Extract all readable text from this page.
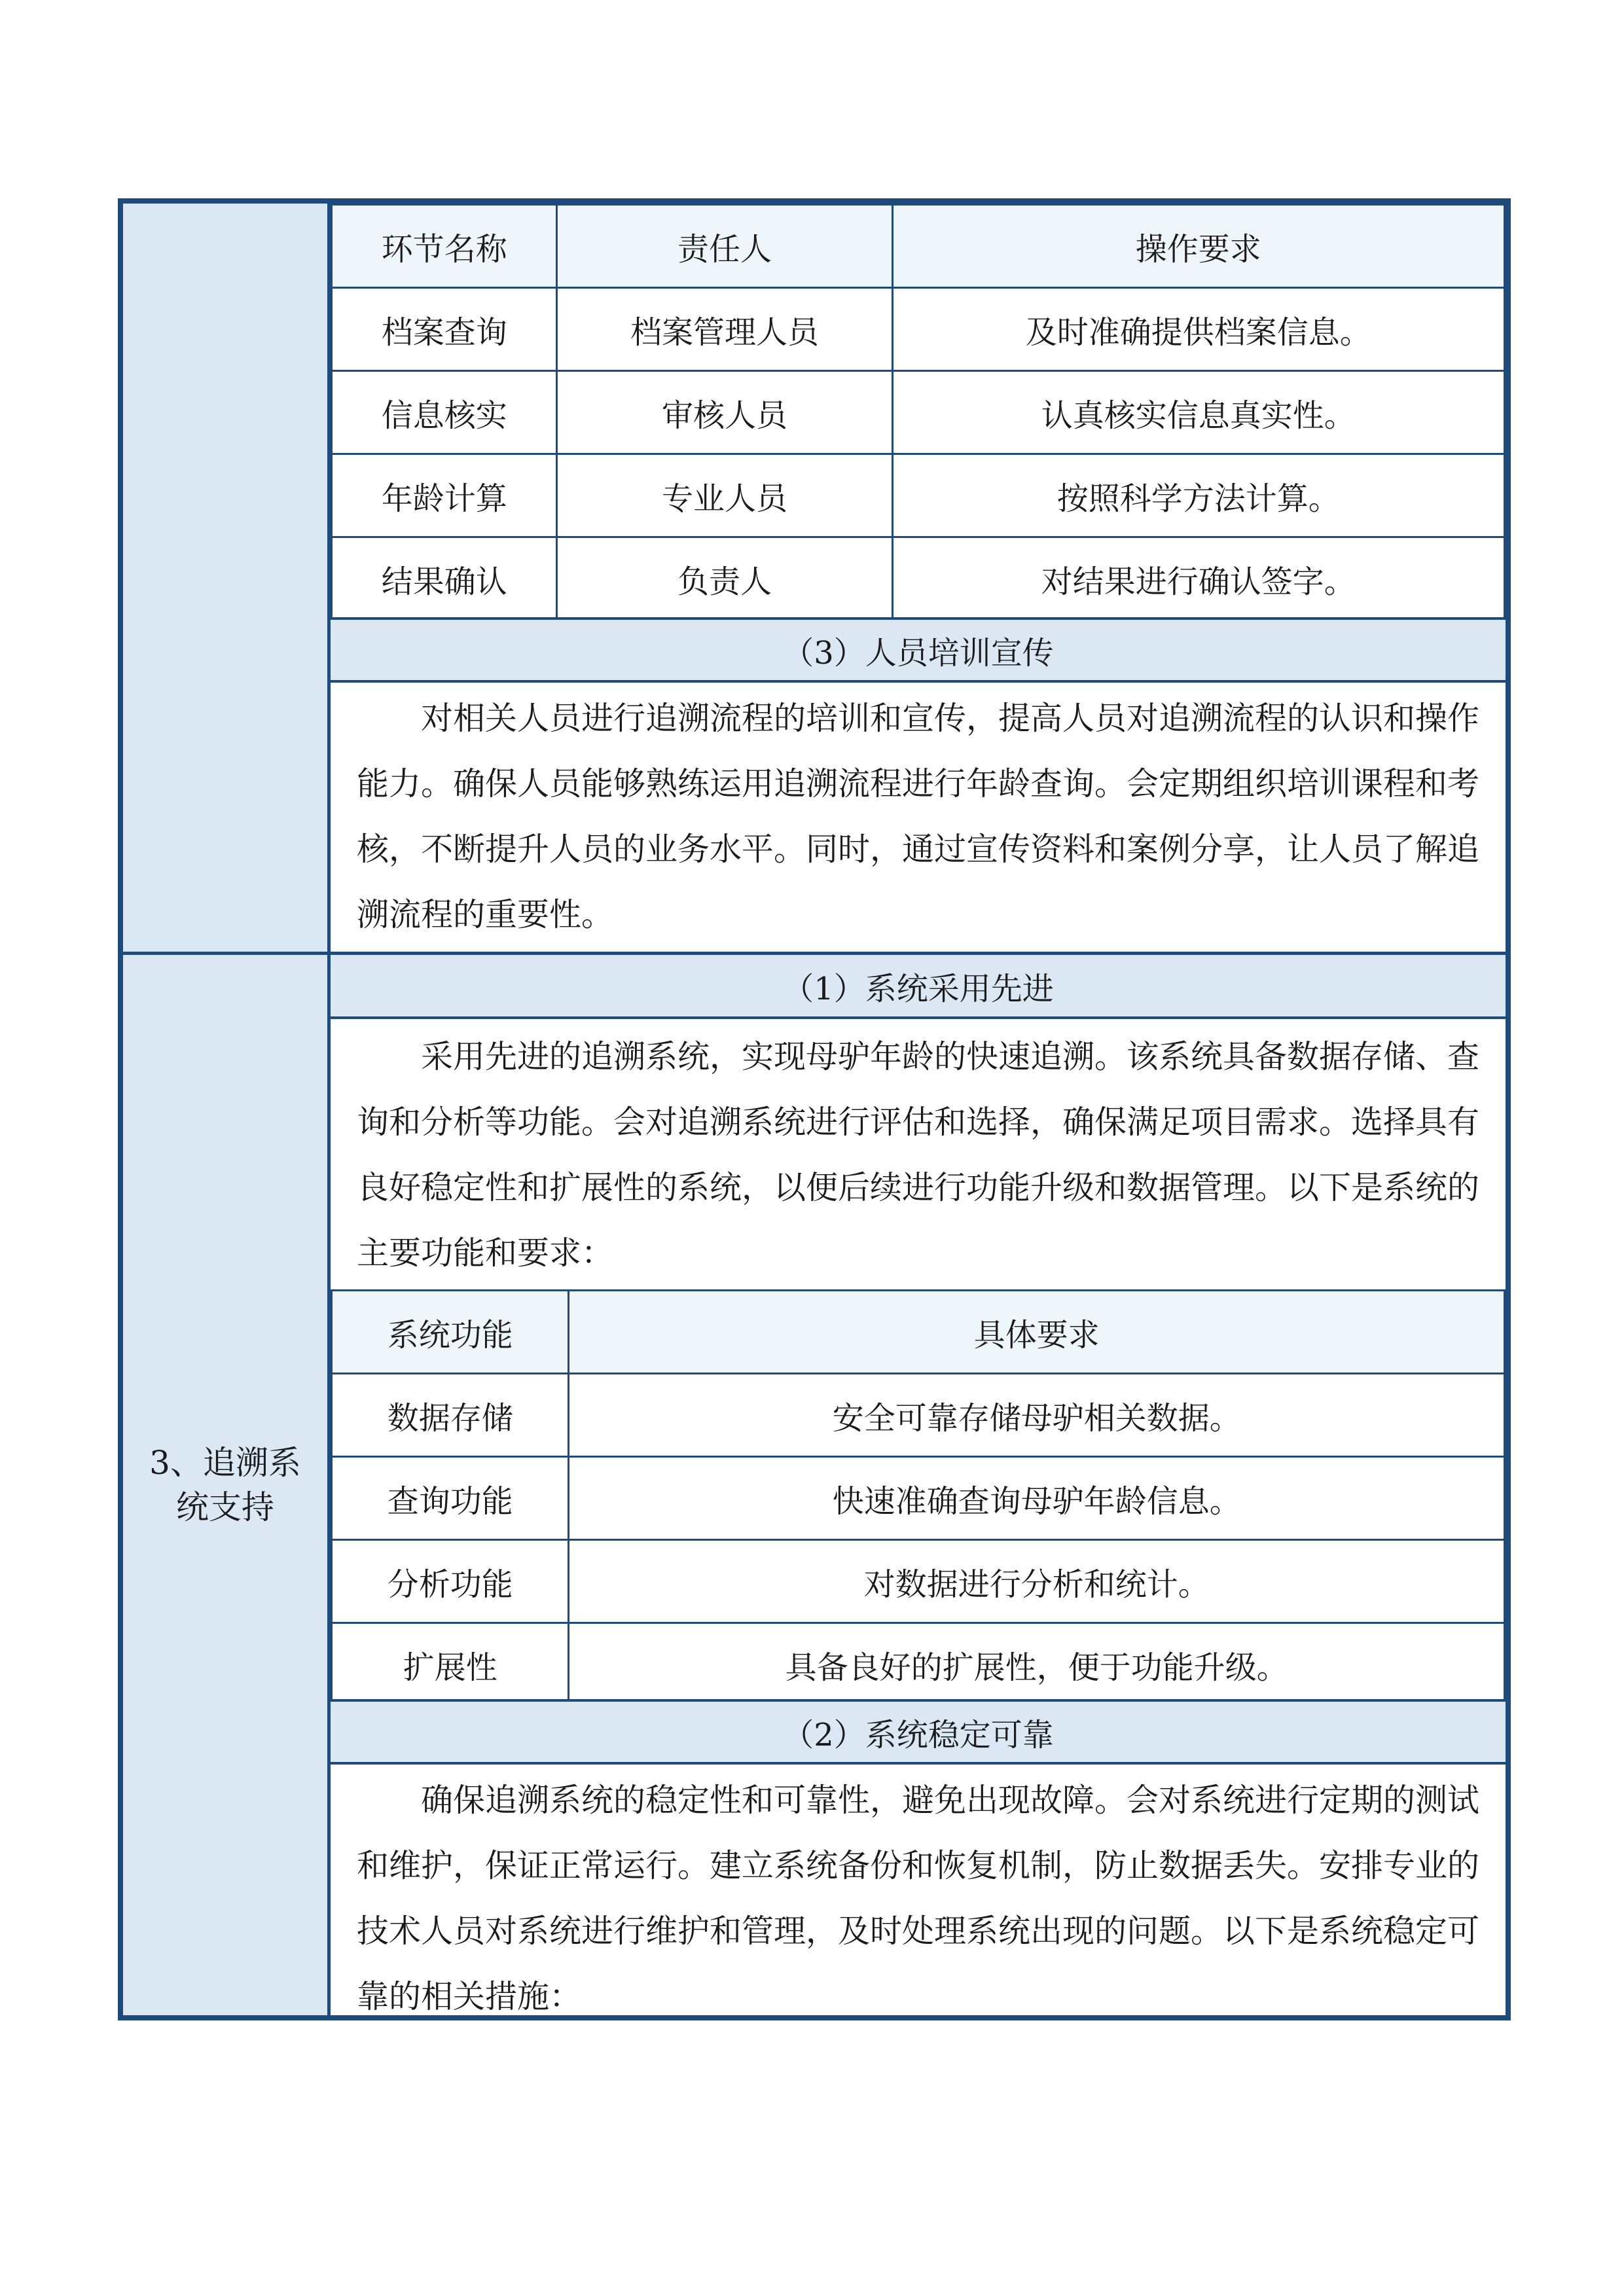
环节名称	责任人	操作要求
档案查询	档案管理人员	及时准确提供档案信息。
信息核实	审核人员	认真核实信息真实性。
年龄计算	专业人员	按照科学方法计算。
结果确认	负责人	对结果进行确认签字。
（3）人员培训宣传
对相关人员进行追溯流程的培训和宣传，提高人员对追溯流程的认识和操作能力。确保人员能够熟练运用追溯流程进行年龄查询。会定期组织培训课程和考核，不断提升人员的业务水平。同时，通过宣传资料和案例分享，让人员了解追溯流程的重要性。
3、追溯系
统支持
（1）系统采用先进
采用先进的追溯系统，实现母驴年龄的快速追溯。该系统具备数据存储、查询和分析等功能。会对追溯系统进行评估和选择，确保满足项目需求。选择具有良好稳定性和扩展性的系统，以便后续进行功能升级和数据管理。以下是系统的主要功能和要求：
系统功能	具体要求
数据存储	安全可靠存储母驴相关数据。
查询功能	快速准确查询母驴年龄信息。
分析功能	对数据进行分析和统计。
扩展性	具备良好的扩展性，便于功能升级。
（2）系统稳定可靠
确保追溯系统的稳定性和可靠性，避免出现故障。会对系统进行定期的测试和维护，保证正常运行。建立系统备份和恢复机制，防止数据丢失。安排专业的技术人员对系统进行维护和管理，及时处理系统出现的问题。以下是系统稳定可靠的相关措施：
